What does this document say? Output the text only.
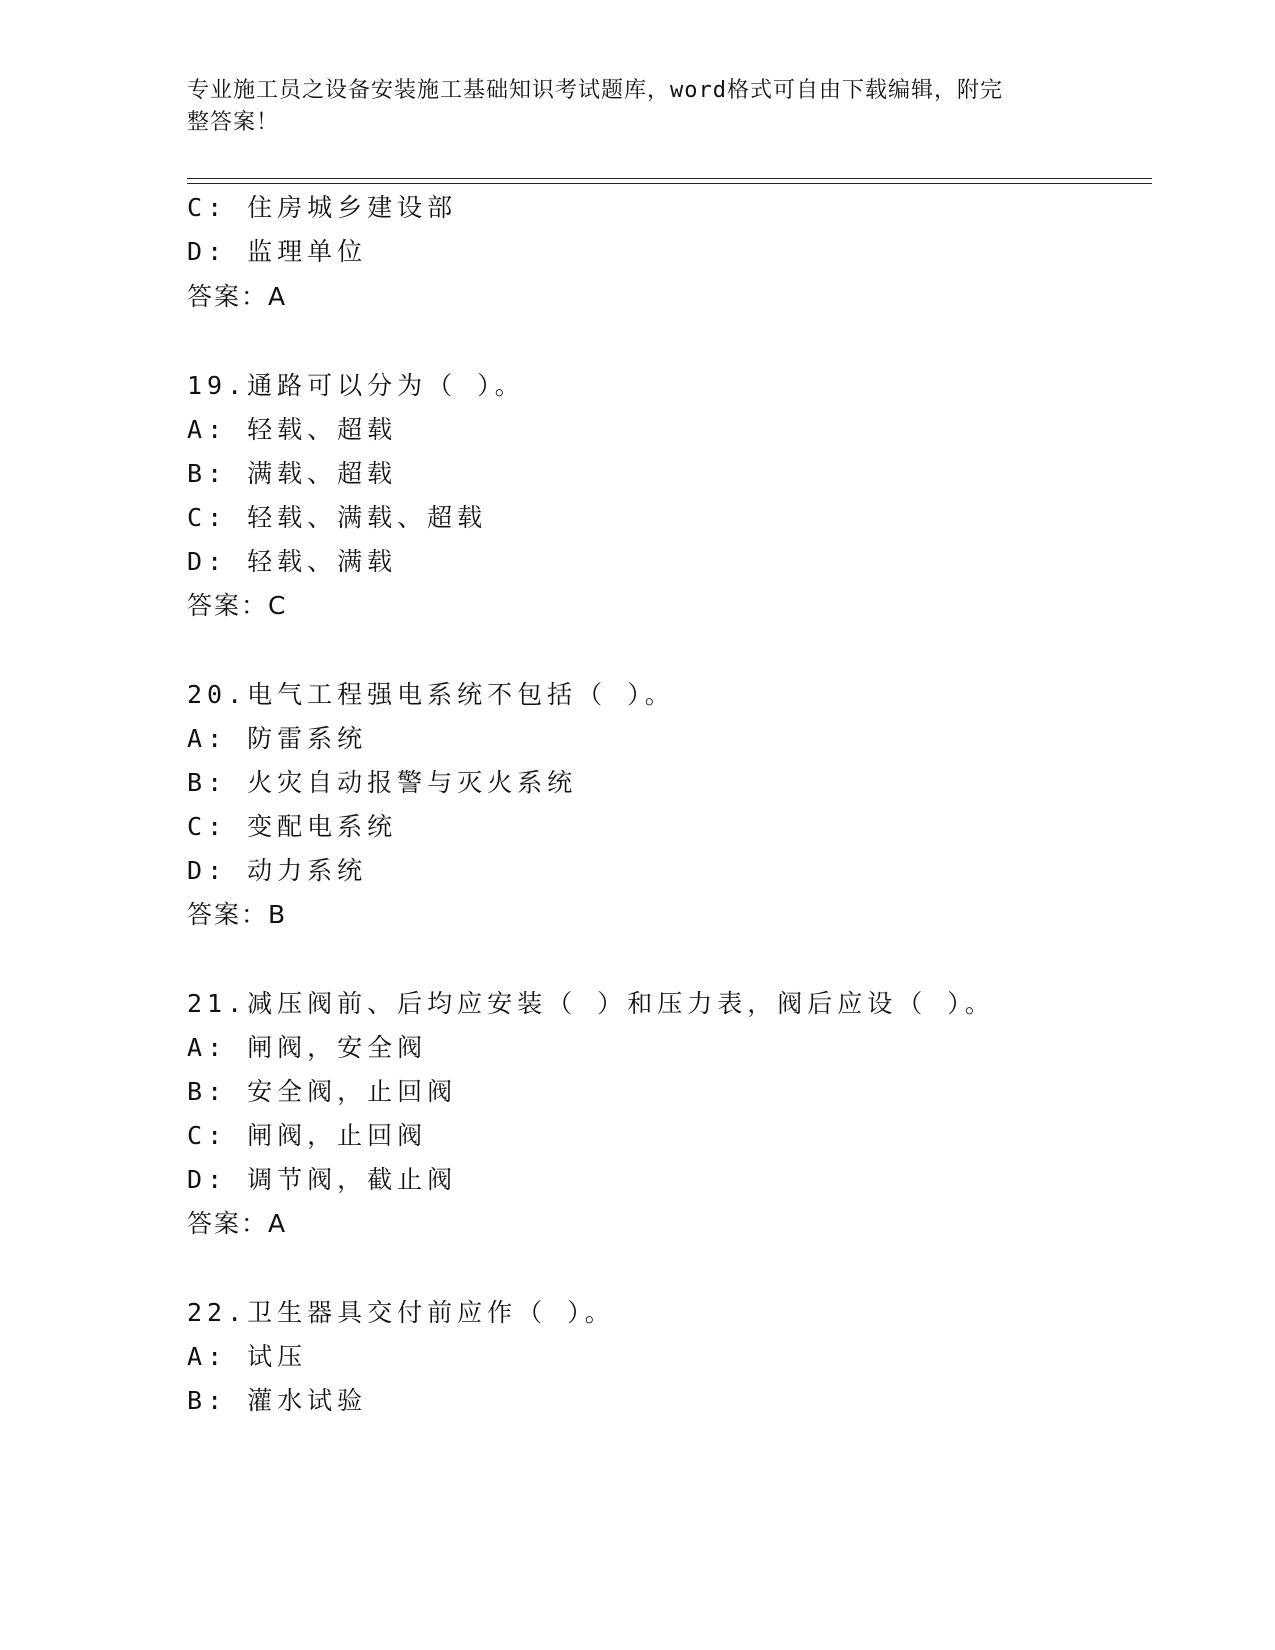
专业施工员之设备安装施工基础知识考试题库，word格式可自由下载编辑，附完
整答案！
C: 住房城乡建设部
D: 监理单位
答案：A
19.通路可以分为（ ）。
A: 轻载、超载
B: 满载、超载
C: 轻载、满载、超载
D: 轻载、满载
答案：C
20.电气工程强电系统不包括（ ）。
A: 防雷系统
B: 火灾自动报警与灭火系统
C: 变配电系统
D: 动力系统
答案：B
21.减压阀前、后均应安装（ ）和压力表，阀后应设（ ）。
A: 闸阀，安全阀
B: 安全阀，止回阀
C: 闸阀，止回阀
D: 调节阀，截止阀
答案：A
22.卫生器具交付前应作（ ）。
A: 试压
B: 灌水试验
